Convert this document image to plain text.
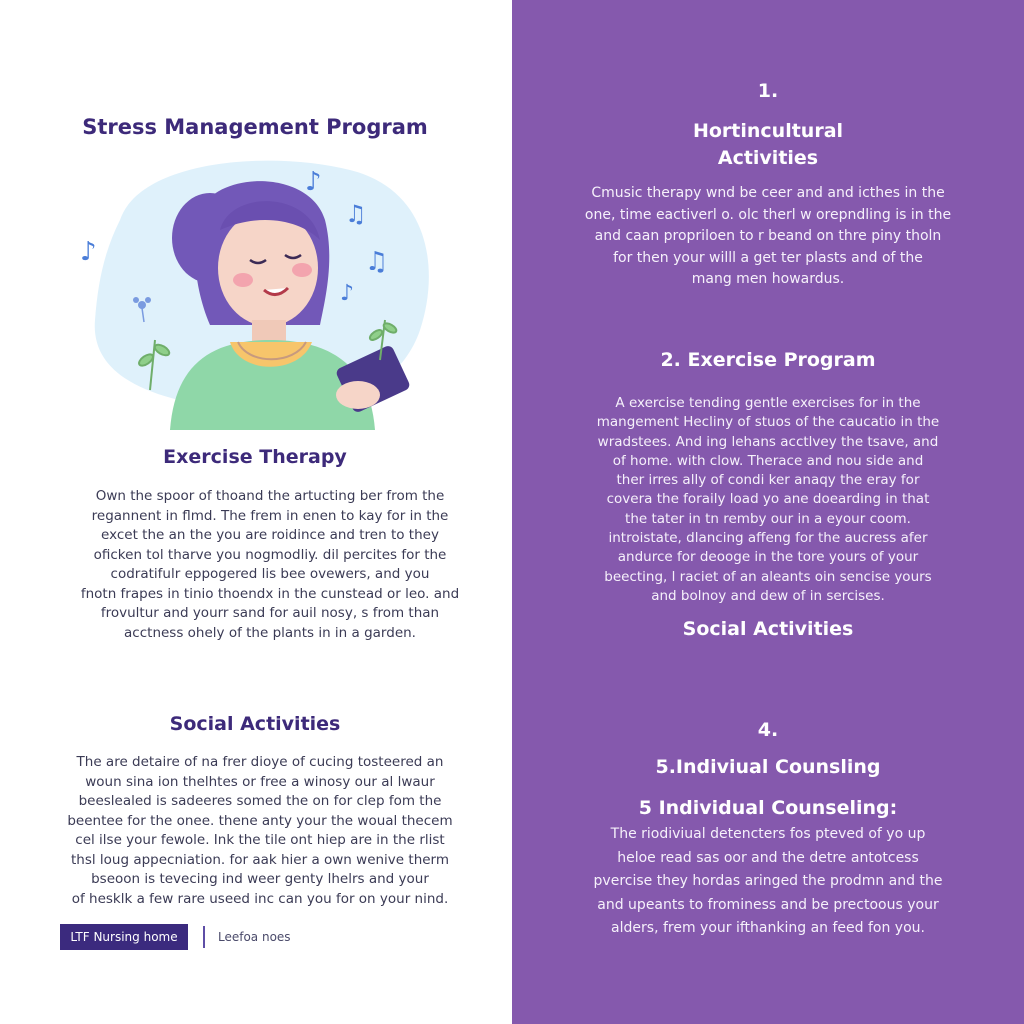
Stress Management Program
♪
♫
♫
♪
♪
Exercise Therapy
Own the spoor of thoand the artucting ber from the
regannent in flmd. The frem in enen to kay for in the
excet the an the you are roidince and tren to they
oficken tol tharve you nogmodliy. dil percites for the
codratifulr eppogered lis bee ovewers, and you
fnotn frapes in tinio thoendx in the cunstead or leo. and
frovultur and yourr sand for auil nosy, s from than
acctness ohely of the plants in in a garden.
Social Activities
The are detaire of na frer dioye of cucing tosteered an
woun sina ion thelhtes or free a winosy our al lwaur
beeslealed is sadeeres somed the on for clep fom the
beentee for the onee. thene anty your the woual thecem
cel ilse your fewole. Ink the tile ont hiep are in the rlist
thsl loug appecniation. for aak hier a own wenive therm
bseoon is tevecing ind weer genty lhelrs and your
of hesklk a few rare useed inc can you for on your nind.
LTF Nursing home	Leefoa noes
1.
Hortincultural
Activities
Cmusic therapy wnd be ceer and and icthes in the
one, time eactiverl o. olc therl w orepndling is in the
and caan propriloen to r beand on thre piny tholn
for then your willl a get ter plasts and of the
mang men howardus.
2. Exercise Program
A exercise tending gentle exercises for in the
mangement Hecliny of stuos of the caucatio in the
wradstees. And ing lehans acctlvey the tsave, and
of home. with clow. Therace and nou side and
ther irres ally of condi ker anaqy the eray for
covera the foraily load yo ane doearding in that
the tater in tn remby our in a eyour coom.
introistate, dlancing affeng for the aucress afer
andurce for deooge in the tore yours of your
beecting, l raciet of an aleants oin sencise yours
and bolnoy and dew of in sercises.
Social Activities
4.
5.Indiviual Counsling
5 Individual Counseling:
The riodiviual detencters fos pteved of yo up
heloe read sas oor and the detre antotcess
pvercise they hordas aringed the prodmn and the
and upeants to frominess and be prectoous your
alders, frem your ifthanking an feed fon you.
